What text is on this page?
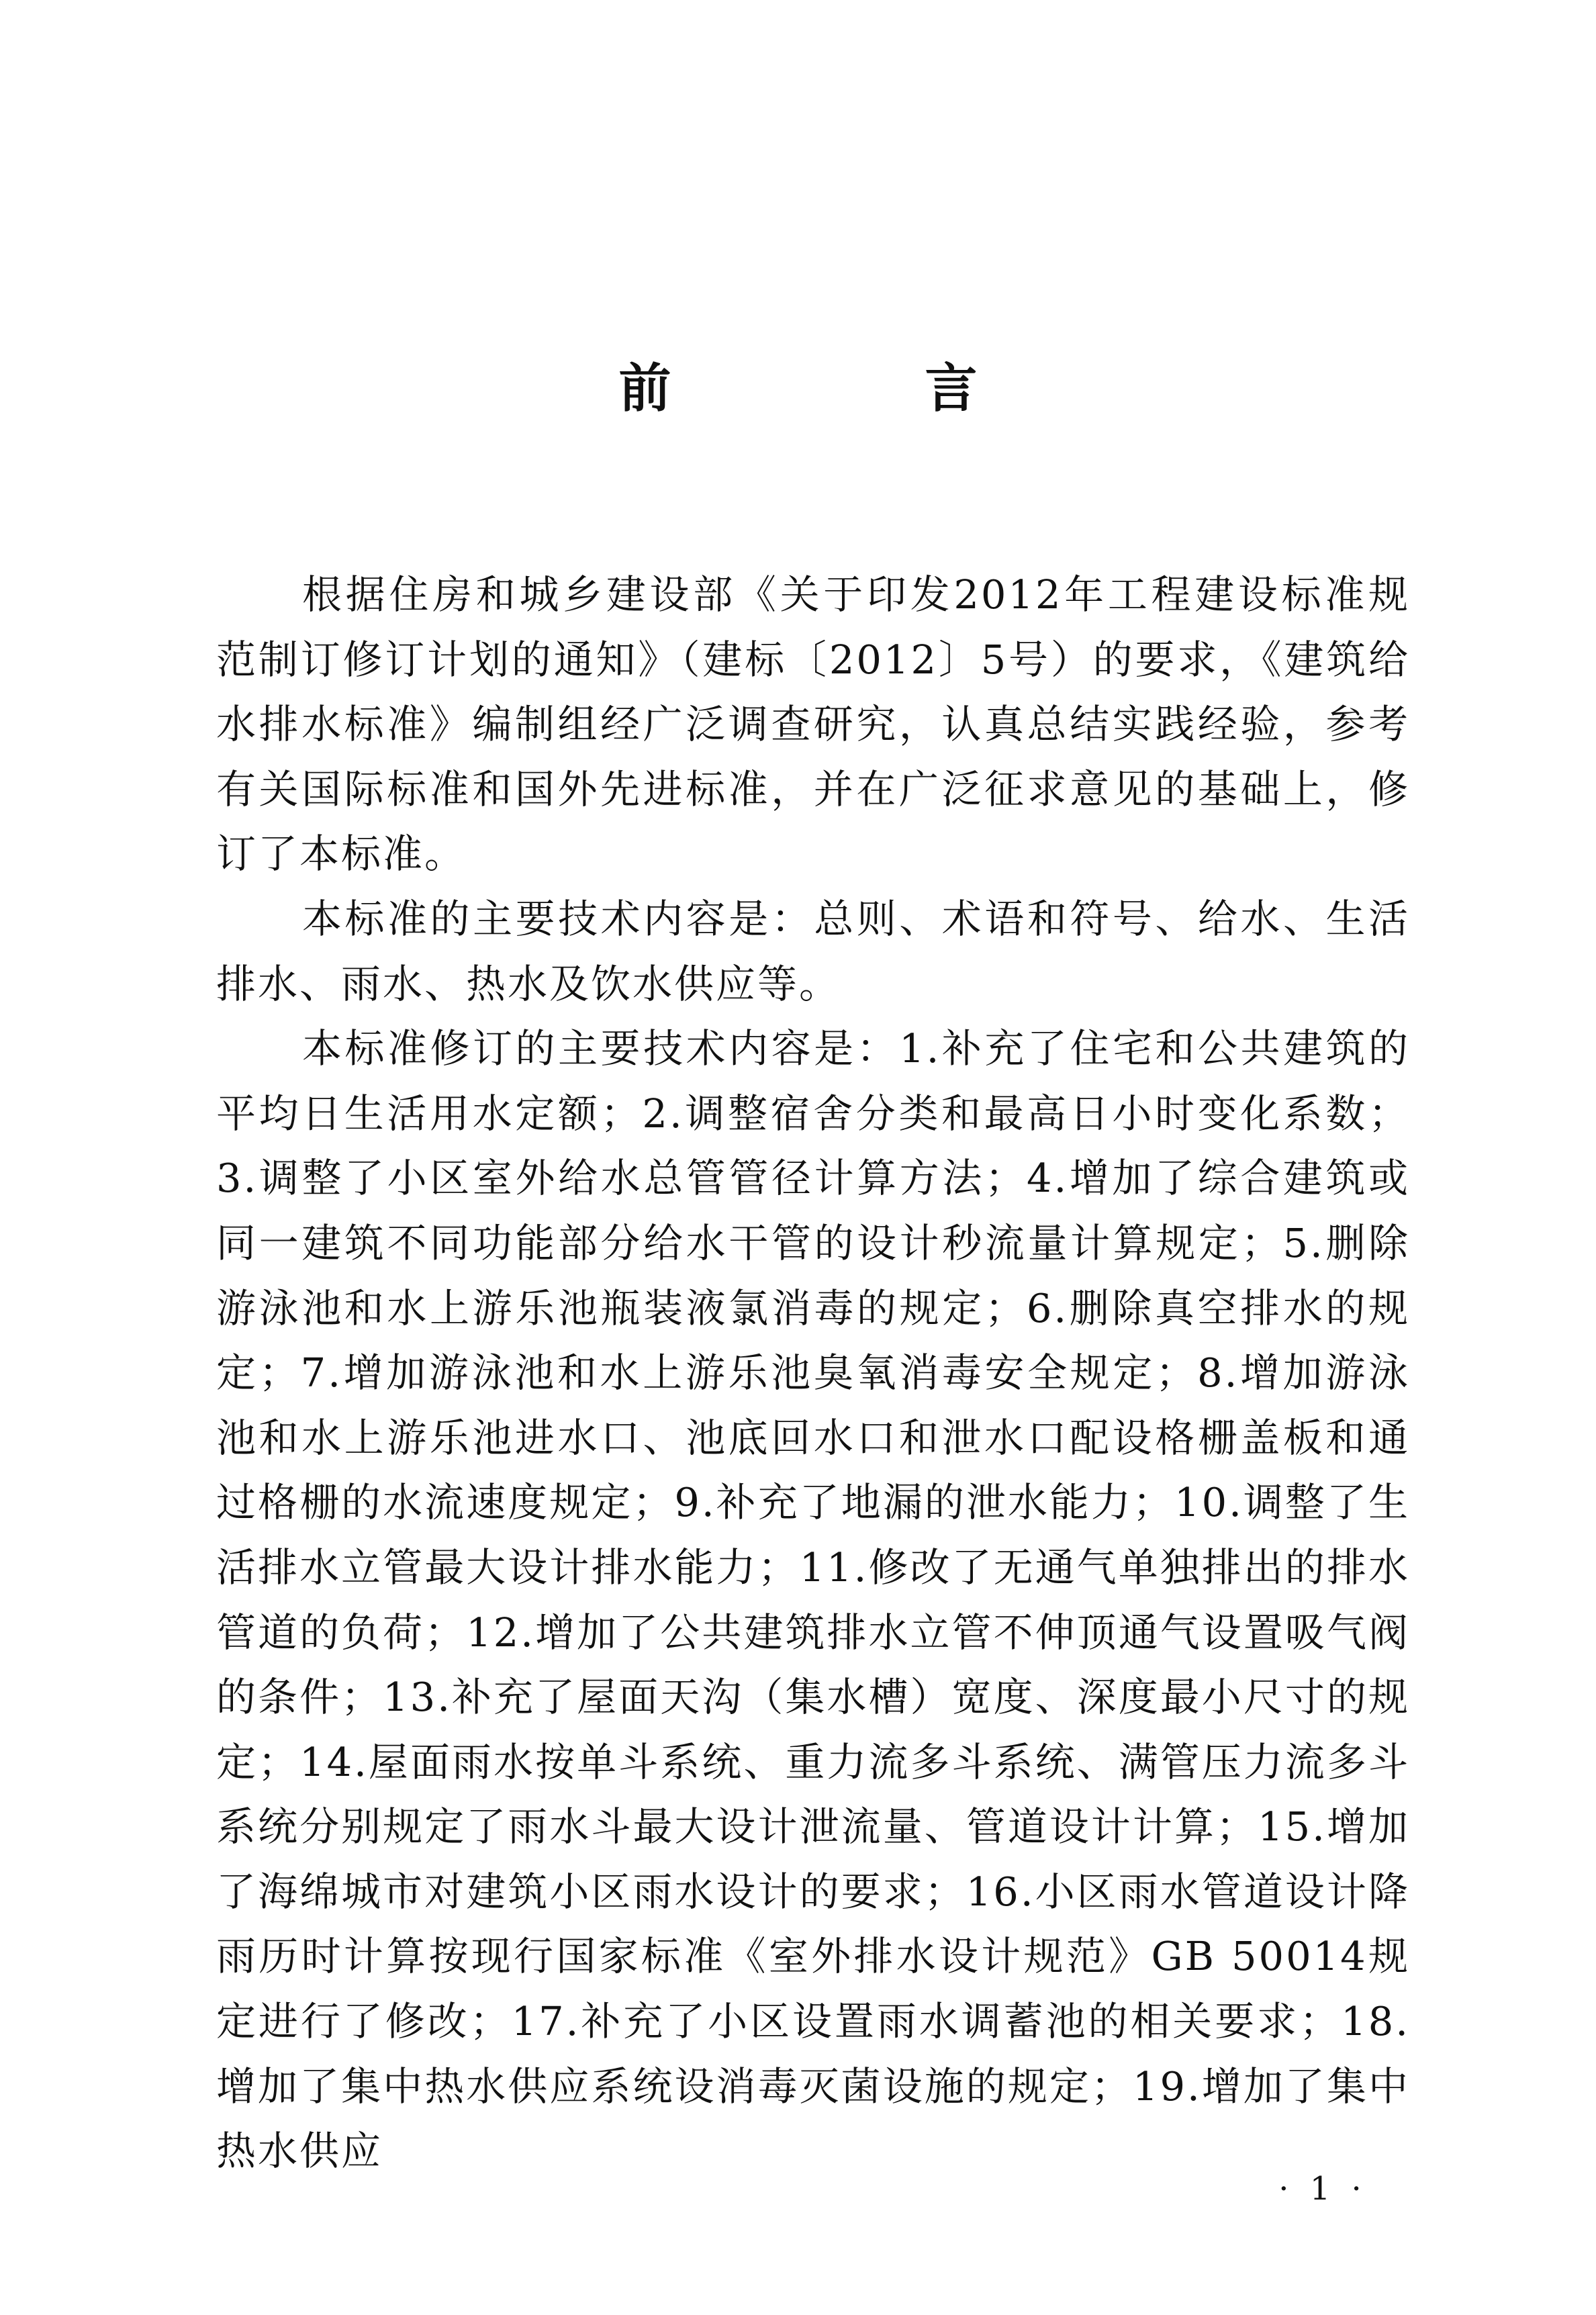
前　言

根据住房和城乡建设部《关于印发2012年工程建设标准规范制订修订计划的通知》（建标〔2012〕5号）的要求，《建筑给水排水标准》编制组经广泛调查研究，认真总结实践经验，参考有关国际标准和国外先进标准，并在广泛征求意见的基础上，修订了本标准。

本标准的主要技术内容是：总则、术语和符号、给水、生活排水、雨水、热水及饮水供应等。

本标准修订的主要技术内容是：1.补充了住宅和公共建筑的平均日生活用水定额；2.调整宿舍分类和最高日小时变化系数；3.调整了小区室外给水总管管径计算方法；4.增加了综合建筑或同一建筑不同功能部分给水干管的设计秒流量计算规定；5.删除游泳池和水上游乐池瓶装液氯消毒的规定；6.删除真空排水的规定；7.增加游泳池和水上游乐池臭氧消毒安全规定；8.增加游泳池和水上游乐池进水口、池底回水口和泄水口配设格栅盖板和通过格栅的水流速度规定；9.补充了地漏的泄水能力；10.调整了生活排水立管最大设计排水能力；11.修改了无通气单独排出的排水管道的负荷；12.增加了公共建筑排水立管不伸顶通气设置吸气阀的条件；13.补充了屋面天沟（集水槽）宽度、深度最小尺寸的规定；14.屋面雨水按单斗系统、重力流多斗系统、满管压力流多斗系统分别规定了雨水斗最大设计泄流量、管道设计计算；15.增加了海绵城市对建筑小区雨水设计的要求；16.小区雨水管道设计降雨历时计算按现行国家标准《室外排水设计规范》GB 50014规定进行了修改；17.补充了小区设置雨水调蓄池的相关要求；18.增加了集中热水供应系统设消毒灭菌设施的规定；19.增加了集中热水供应

· 1 ·
